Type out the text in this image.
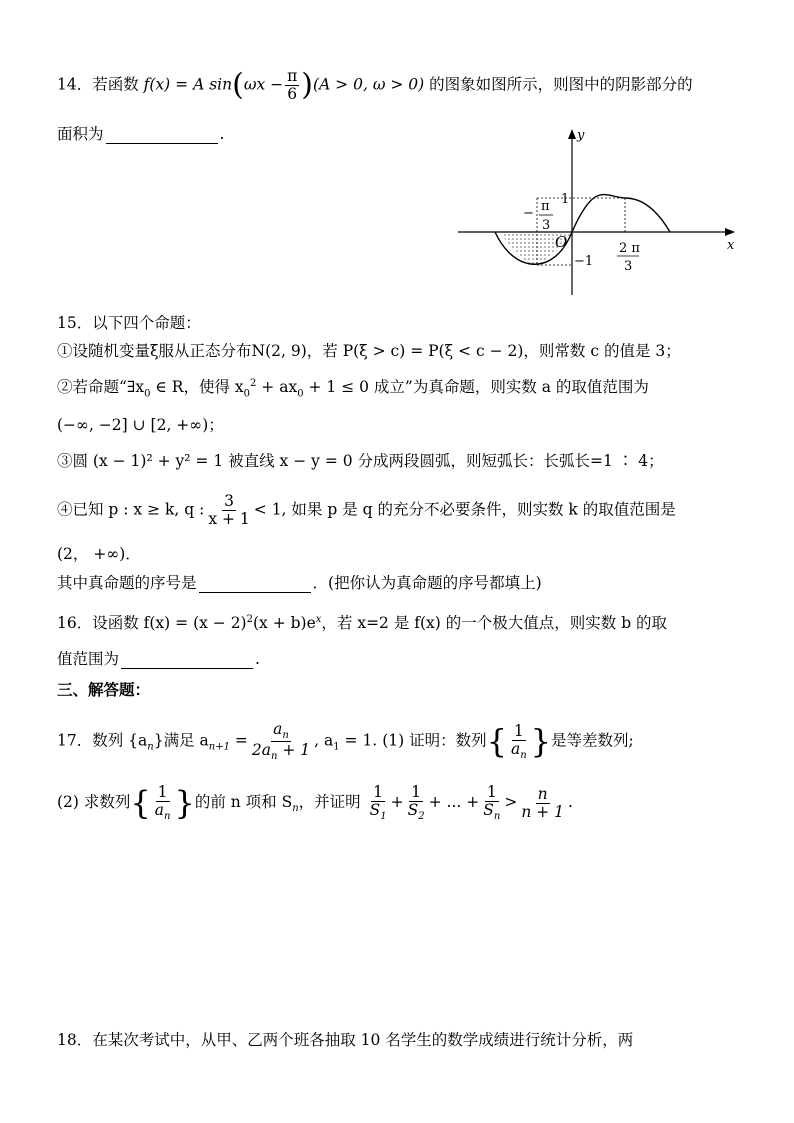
14．若函数 f(x) = A $\sin(\omega x - \frac{\pi}{6} )(A > 0$, ω > 0) 的图象如图所示，则图中的阴影部分的
面积为	.	y
x
O
1
−1
− π
3
2 π
3
15．以下四个命题：
①设随机变量ξ服从正态分布N(2, 9)，若 P(ξ > c) = P(ξ < c − 2)，则常数 c 的值是 3；
②若命题“$\exists x_0$ ∈ R，使得 $x_0^2 + ax_0 + 1 \le 0$ 成立”为真命题，则实数 a 的取值范围为
(−∞, −2] ∪ [2, +∞)；
③圆 (x − 1)² + y² = 1 被直线 x − y = 0 分成两段圆弧，则短弧长：长弧长=1 ∶ 4；
④已知 p : x ≥ k, q : $\frac{3}{x + 1} < 1$, 如果 p 是 q 的充分不必要条件，则实数 k 的取值范围是
(2， +∞)．
其中真命题的序号是	．(把你认为真命题的序号都填上)
16．设函数 $f(x) = (x - 2)^2(x + b)e^x$，若 x=2 是 f(x) 的一个极大值点，则实数 b 的取
值范围为	.
三、解答题：
17．数列 $\{a_n\}$满足 $a_{n+1} = \frac{a_n}{2a_n + 1}$ , $a_1 = 1$. (1) 证明：数列{ $\frac{1}{a_n}$ }是等差数列;
(2) 求数列{ $\frac{1}{a_n}$ }的前 n 项和 $S_n$，并证明 $\frac{1}{S_1} + \frac{1}{S_2}$ + ... + $\frac{1}{S_n} > \frac{n}{n + 1}$ .
18．在某次考试中，从甲、乙两个班各抽取 10 名学生的数学成绩进行统计分析，两
